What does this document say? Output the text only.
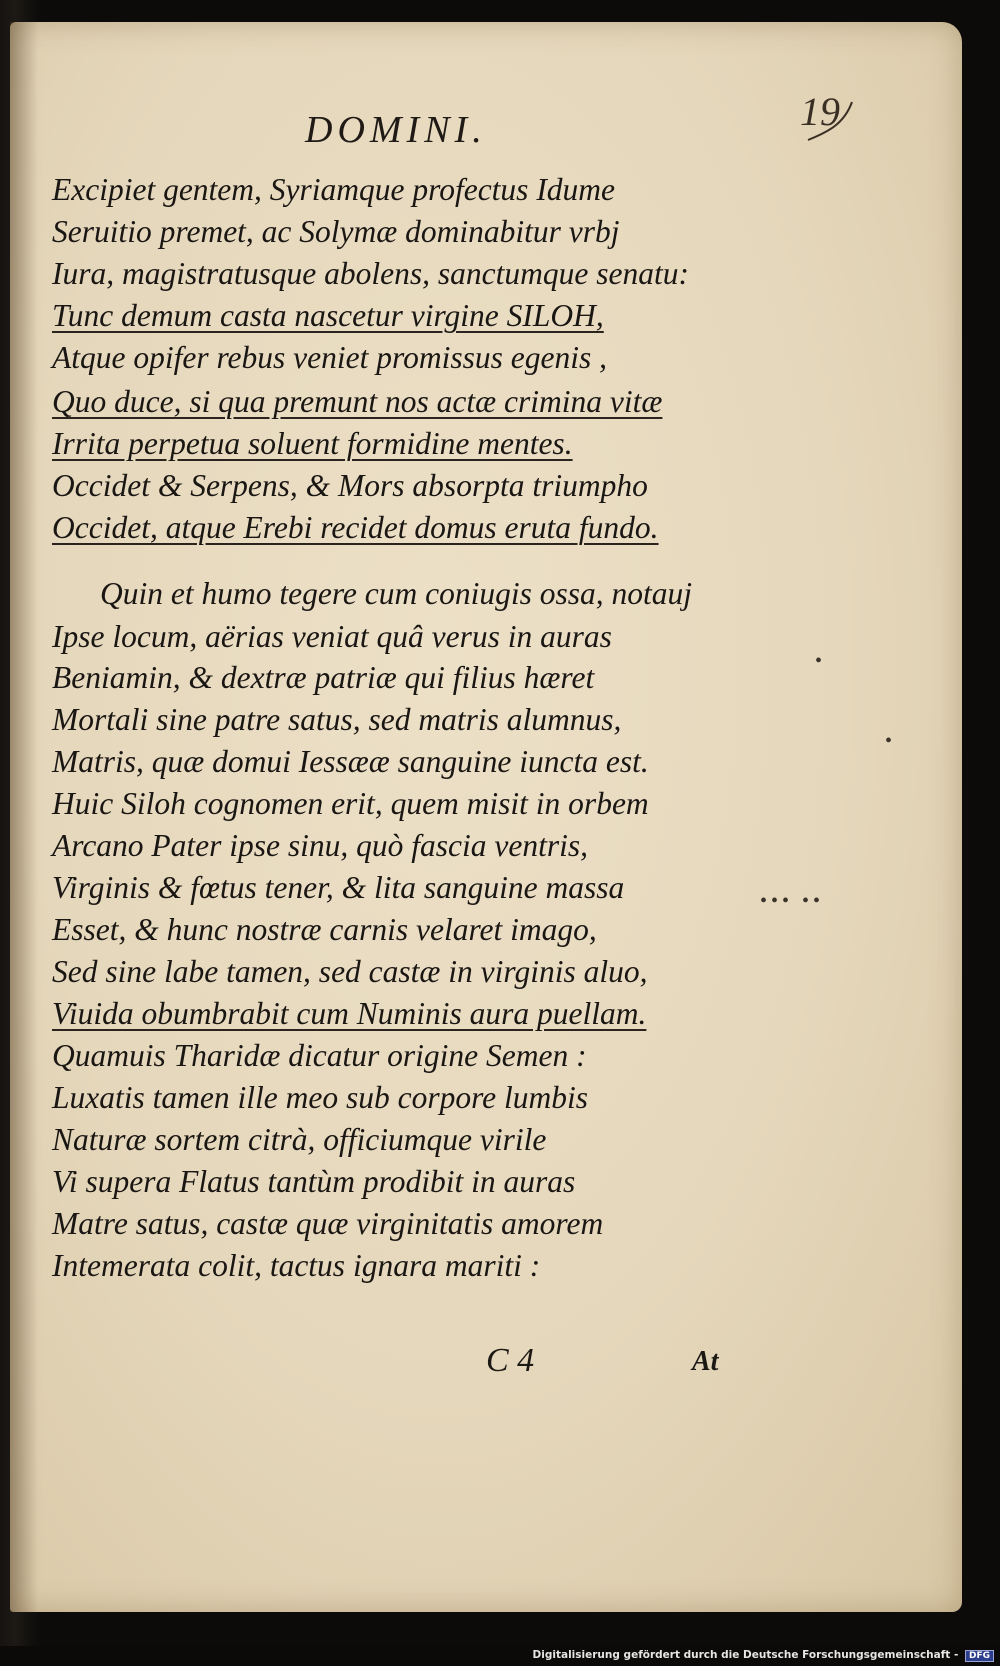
19
DOMINI.
Excipiet gentem, Syriamque profectus Idume
Seruitio premet, ac Solymæ dominabitur vrbj
Iura, magistratusque abolens, sanctumque senatu:
Tunc demum casta nascetur virgine SILOH,
Atque opifer rebus veniet promissus egenis ,
Quo duce, si qua premunt nos actæ crimina vitæ
Irrita perpetua soluent formidine mentes.
Occidet & Serpens, & Mors absorpta triumpho
Occidet, atque Erebi recidet domus eruta fundo.
Quin et humo tegere cum coniugis ossa, notauj
Ipse locum, aërias veniat quâ verus in auras
Beniamin, & dextræ patriæ qui filius hæret
Mortali sine patre satus, sed matris alumnus,
Matris, quæ domui Iessææ sanguine iuncta est.
Huic Siloh cognomen erit, quem misit in orbem
Arcano Pater ipse sinu, quò fascia ventris,
Virginis & fœtus tener, & lita sanguine massa
Esset, & hunc nostræ carnis velaret imago,
Sed sine labe tamen, sed castæ in virginis aluo,
Viuida obumbrabit cum Numinis aura puellam.
Quamuis Tharidæ dicatur origine Semen :
Luxatis tamen ille meo sub corpore lumbis
Naturæ sortem citrà, officiumque virile
Vi supera Flatus tantùm prodibit in auras
Matre satus, castæ quæ virginitatis amorem
Intemerata colit, tactus ignara mariti :
•
•
••• ••
C 4	At
Digitalisierung gefördert durch die Deutsche Forschungsgemeinschaft - DFG
